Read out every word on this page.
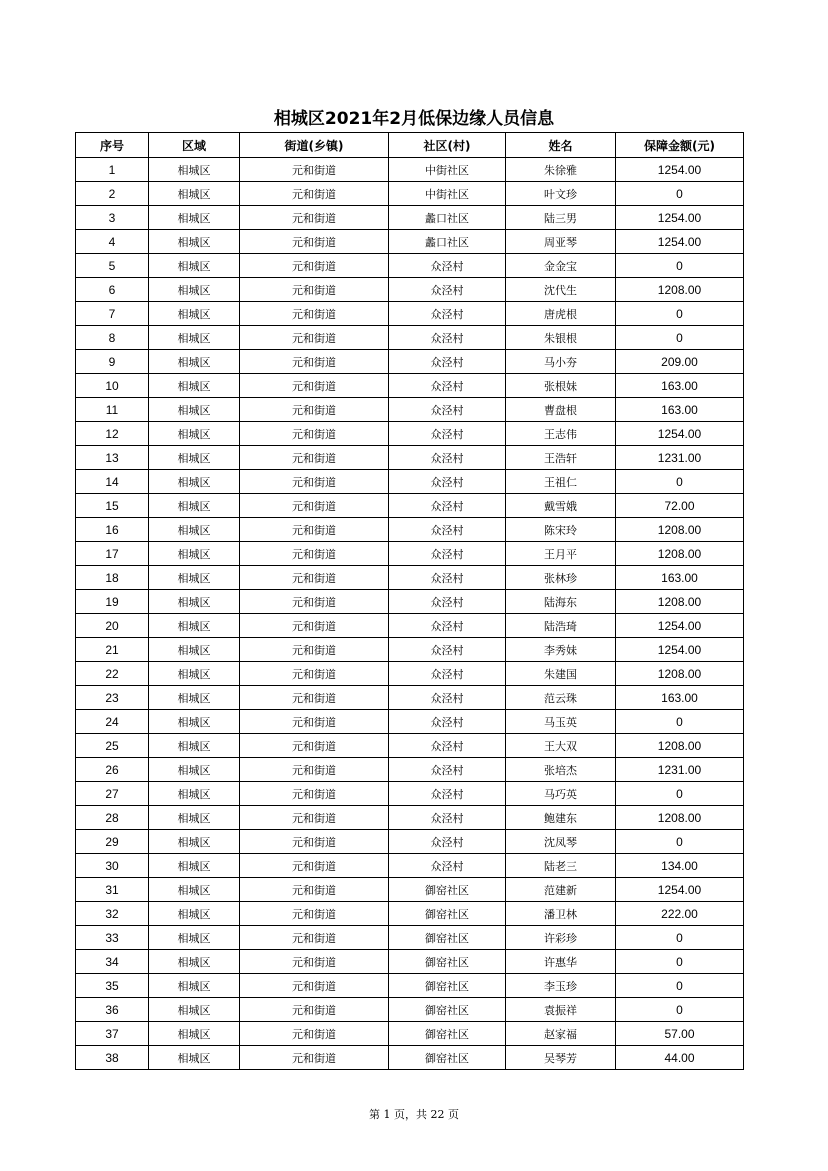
相城区2021年2月低保边缘人员信息
序号	区域	街道(乡镇)	社区(村)	姓名	保障金额(元)
1	相城区	元和街道	中街社区	朱徐雅	1254.00
2	相城区	元和街道	中街社区	叶文珍	0
3	相城区	元和街道	蠡口社区	陆三男	1254.00
4	相城区	元和街道	蠡口社区	周亚琴	1254.00
5	相城区	元和街道	众泾村	金金宝	0
6	相城区	元和街道	众泾村	沈代生	1208.00
7	相城区	元和街道	众泾村	唐虎根	0
8	相城区	元和街道	众泾村	朱银根	0
9	相城区	元和街道	众泾村	马小夯	209.00
10	相城区	元和街道	众泾村	张根妹	163.00
11	相城区	元和街道	众泾村	曹盘根	163.00
12	相城区	元和街道	众泾村	王志伟	1254.00
13	相城区	元和街道	众泾村	王浩轩	1231.00
14	相城区	元和街道	众泾村	王祖仁	0
15	相城区	元和街道	众泾村	戴雪娥	72.00
16	相城区	元和街道	众泾村	陈宋玲	1208.00
17	相城区	元和街道	众泾村	王月平	1208.00
18	相城区	元和街道	众泾村	张林珍	163.00
19	相城区	元和街道	众泾村	陆海东	1208.00
20	相城区	元和街道	众泾村	陆浩琦	1254.00
21	相城区	元和街道	众泾村	李秀妹	1254.00
22	相城区	元和街道	众泾村	朱建国	1208.00
23	相城区	元和街道	众泾村	范云珠	163.00
24	相城区	元和街道	众泾村	马玉英	0
25	相城区	元和街道	众泾村	王大双	1208.00
26	相城区	元和街道	众泾村	张培杰	1231.00
27	相城区	元和街道	众泾村	马巧英	0
28	相城区	元和街道	众泾村	鲍建东	1208.00
29	相城区	元和街道	众泾村	沈凤琴	0
30	相城区	元和街道	众泾村	陆老三	134.00
31	相城区	元和街道	御窑社区	范建新	1254.00
32	相城区	元和街道	御窑社区	潘卫林	222.00
33	相城区	元和街道	御窑社区	许彩珍	0
34	相城区	元和街道	御窑社区	许惠华	0
35	相城区	元和街道	御窑社区	李玉珍	0
36	相城区	元和街道	御窑社区	袁振祥	0
37	相城区	元和街道	御窑社区	赵家福	57.00
38	相城区	元和街道	御窑社区	吴琴芳	44.00
第 1 页，共 22 页
